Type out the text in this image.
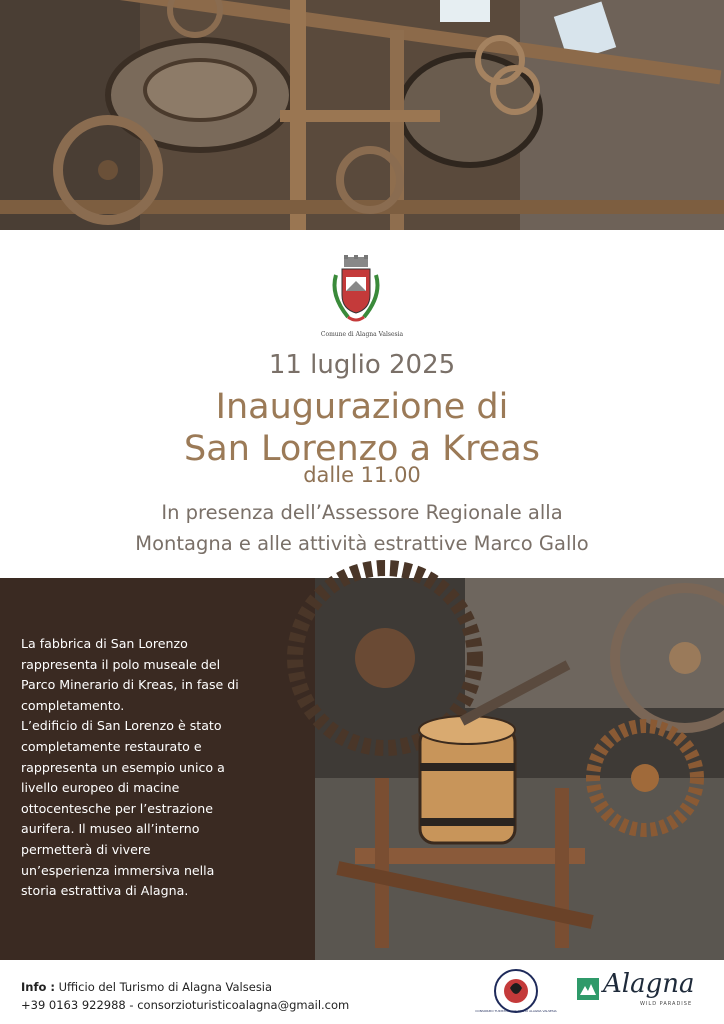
Comune di Alagna Valsesia
11 luglio 2025
Inaugurazione di
San Lorenzo a Kreas
dalle 11.00
In presenza dell’Assessore Regionale alla
Montagna e alle attività estrattive Marco Gallo
La fabbrica di San Lorenzo
rappresenta il polo museale del
Parco Minerario di Kreas, in fase di
completamento.
L’edificio di San Lorenzo è stato
completamente restaurato e
rappresenta un esempio unico a
livello europeo di macine
ottocentesche per l’estrazione
aurifera. Il museo all’interno
permetterà di vivere
un’esperienza immersiva nella
storia estrattiva di Alagna.
Info : Ufficio del Turismo di Alagna Valsesia
+39 0163 922988 - consorzioturisticoalagna@gmail.com	CONSORZIO TURISTICO WALSER DI ALAGNA VALSESIA
Alagna
WILD PARADISE
